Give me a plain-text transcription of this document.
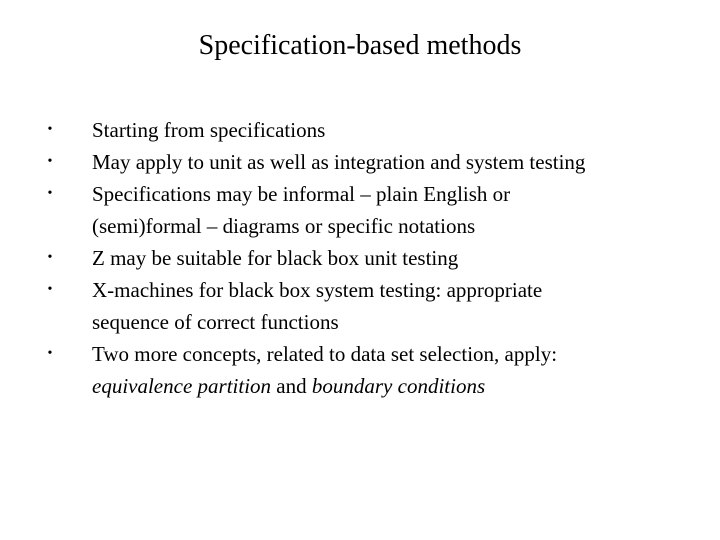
Specification-based methods
• Starting from specifications
• May apply to unit as well as integration and system testing
• Specifications may be informal – plain English or
(semi)formal – diagrams or specific notations
• Z may be suitable for black box unit testing
• X-machines for black box system testing: appropriate
sequence of correct functions
• Two more concepts, related to data set selection, apply:
equivalence partition and boundary conditions
